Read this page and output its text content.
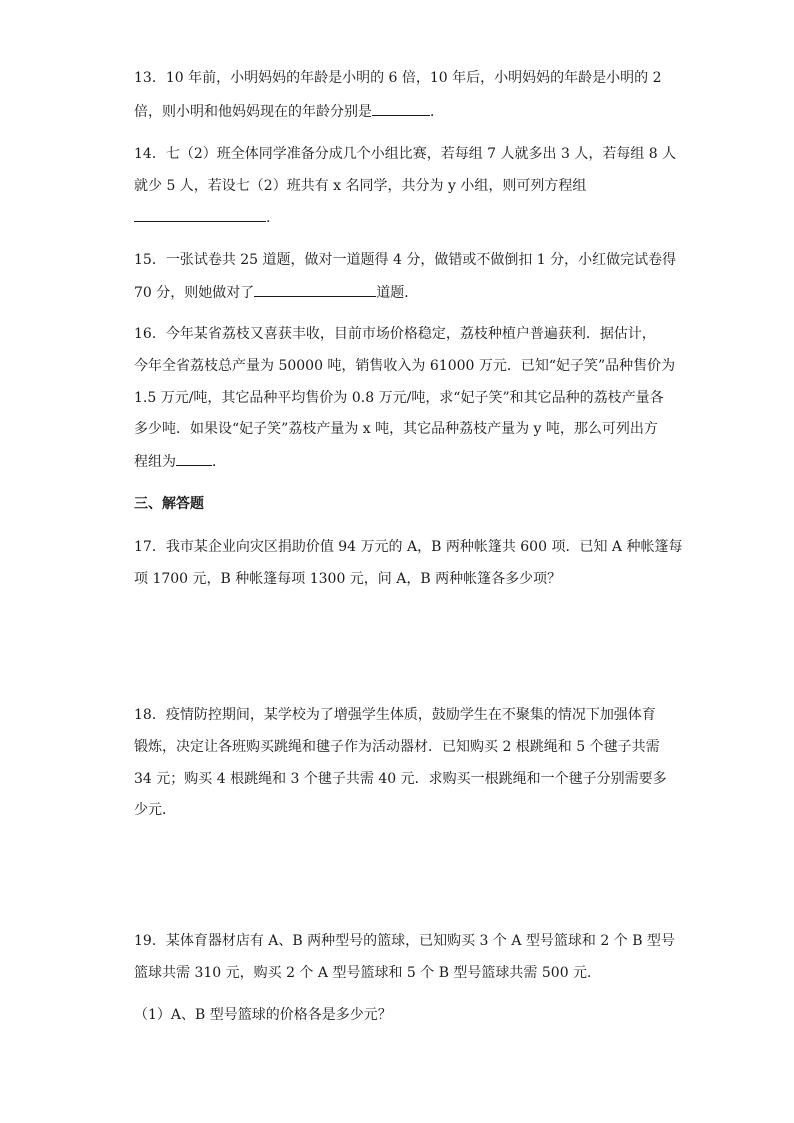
13．10 年前，小明妈妈的年龄是小明的 6 倍，10 年后，小明妈妈的年龄是小明的 2
倍，则小明和他妈妈现在的年龄分别是	．
14．七（2）班全体同学准备分成几个小组比赛，若每组 7 人就多出 3 人，若每组 8 人
就少 5 人，若设七（2）班共有 x 名同学，共分为 y 小组，则可列方程组
.
15．一张试卷共 25 道题，做对一道题得 4 分，做错或不做倒扣 1 分，小红做完试卷得
70 分，则她做对了	道题．
16．今年某省荔枝又喜获丰收，目前市场价格稳定，荔枝种植户普遍获利．据估计，
今年全省荔枝总产量为 50000 吨，销售收入为 61000 万元．已知“妃子笑”品种售价为
1.5 万元/吨，其它品种平均售价为 0.8 万元/吨，求“妃子笑”和其它品种的荔枝产量各
多少吨．如果设“妃子笑”荔枝产量为 x 吨，其它品种荔枝产量为 y 吨，那么可列出方
程组为	．
三、解答题
17．我市某企业向灾区捐助价值 94 万元的 A，B 两种帐篷共 600 项．已知 A 种帐篷每
项 1700 元，B 种帐篷每项 1300 元，问 A，B 两种帐篷各多少项？
18．疫情防控期间，某学校为了增强学生体质，鼓励学生在不聚集的情况下加强体育
锻炼，决定让各班购买跳绳和毽子作为活动器材．已知购买 2 根跳绳和 5 个毽子共需
34 元；购买 4 根跳绳和 3 个毽子共需 40 元．求购买一根跳绳和一个毽子分别需要多
少元．
19．某体育器材店有 A、B 两种型号的篮球，已知购买 3 个 A 型号篮球和 2 个 B 型号
篮球共需 310 元，购买 2 个 A 型号篮球和 5 个 B 型号篮球共需 500 元．
（1）A、B 型号篮球的价格各是多少元？
